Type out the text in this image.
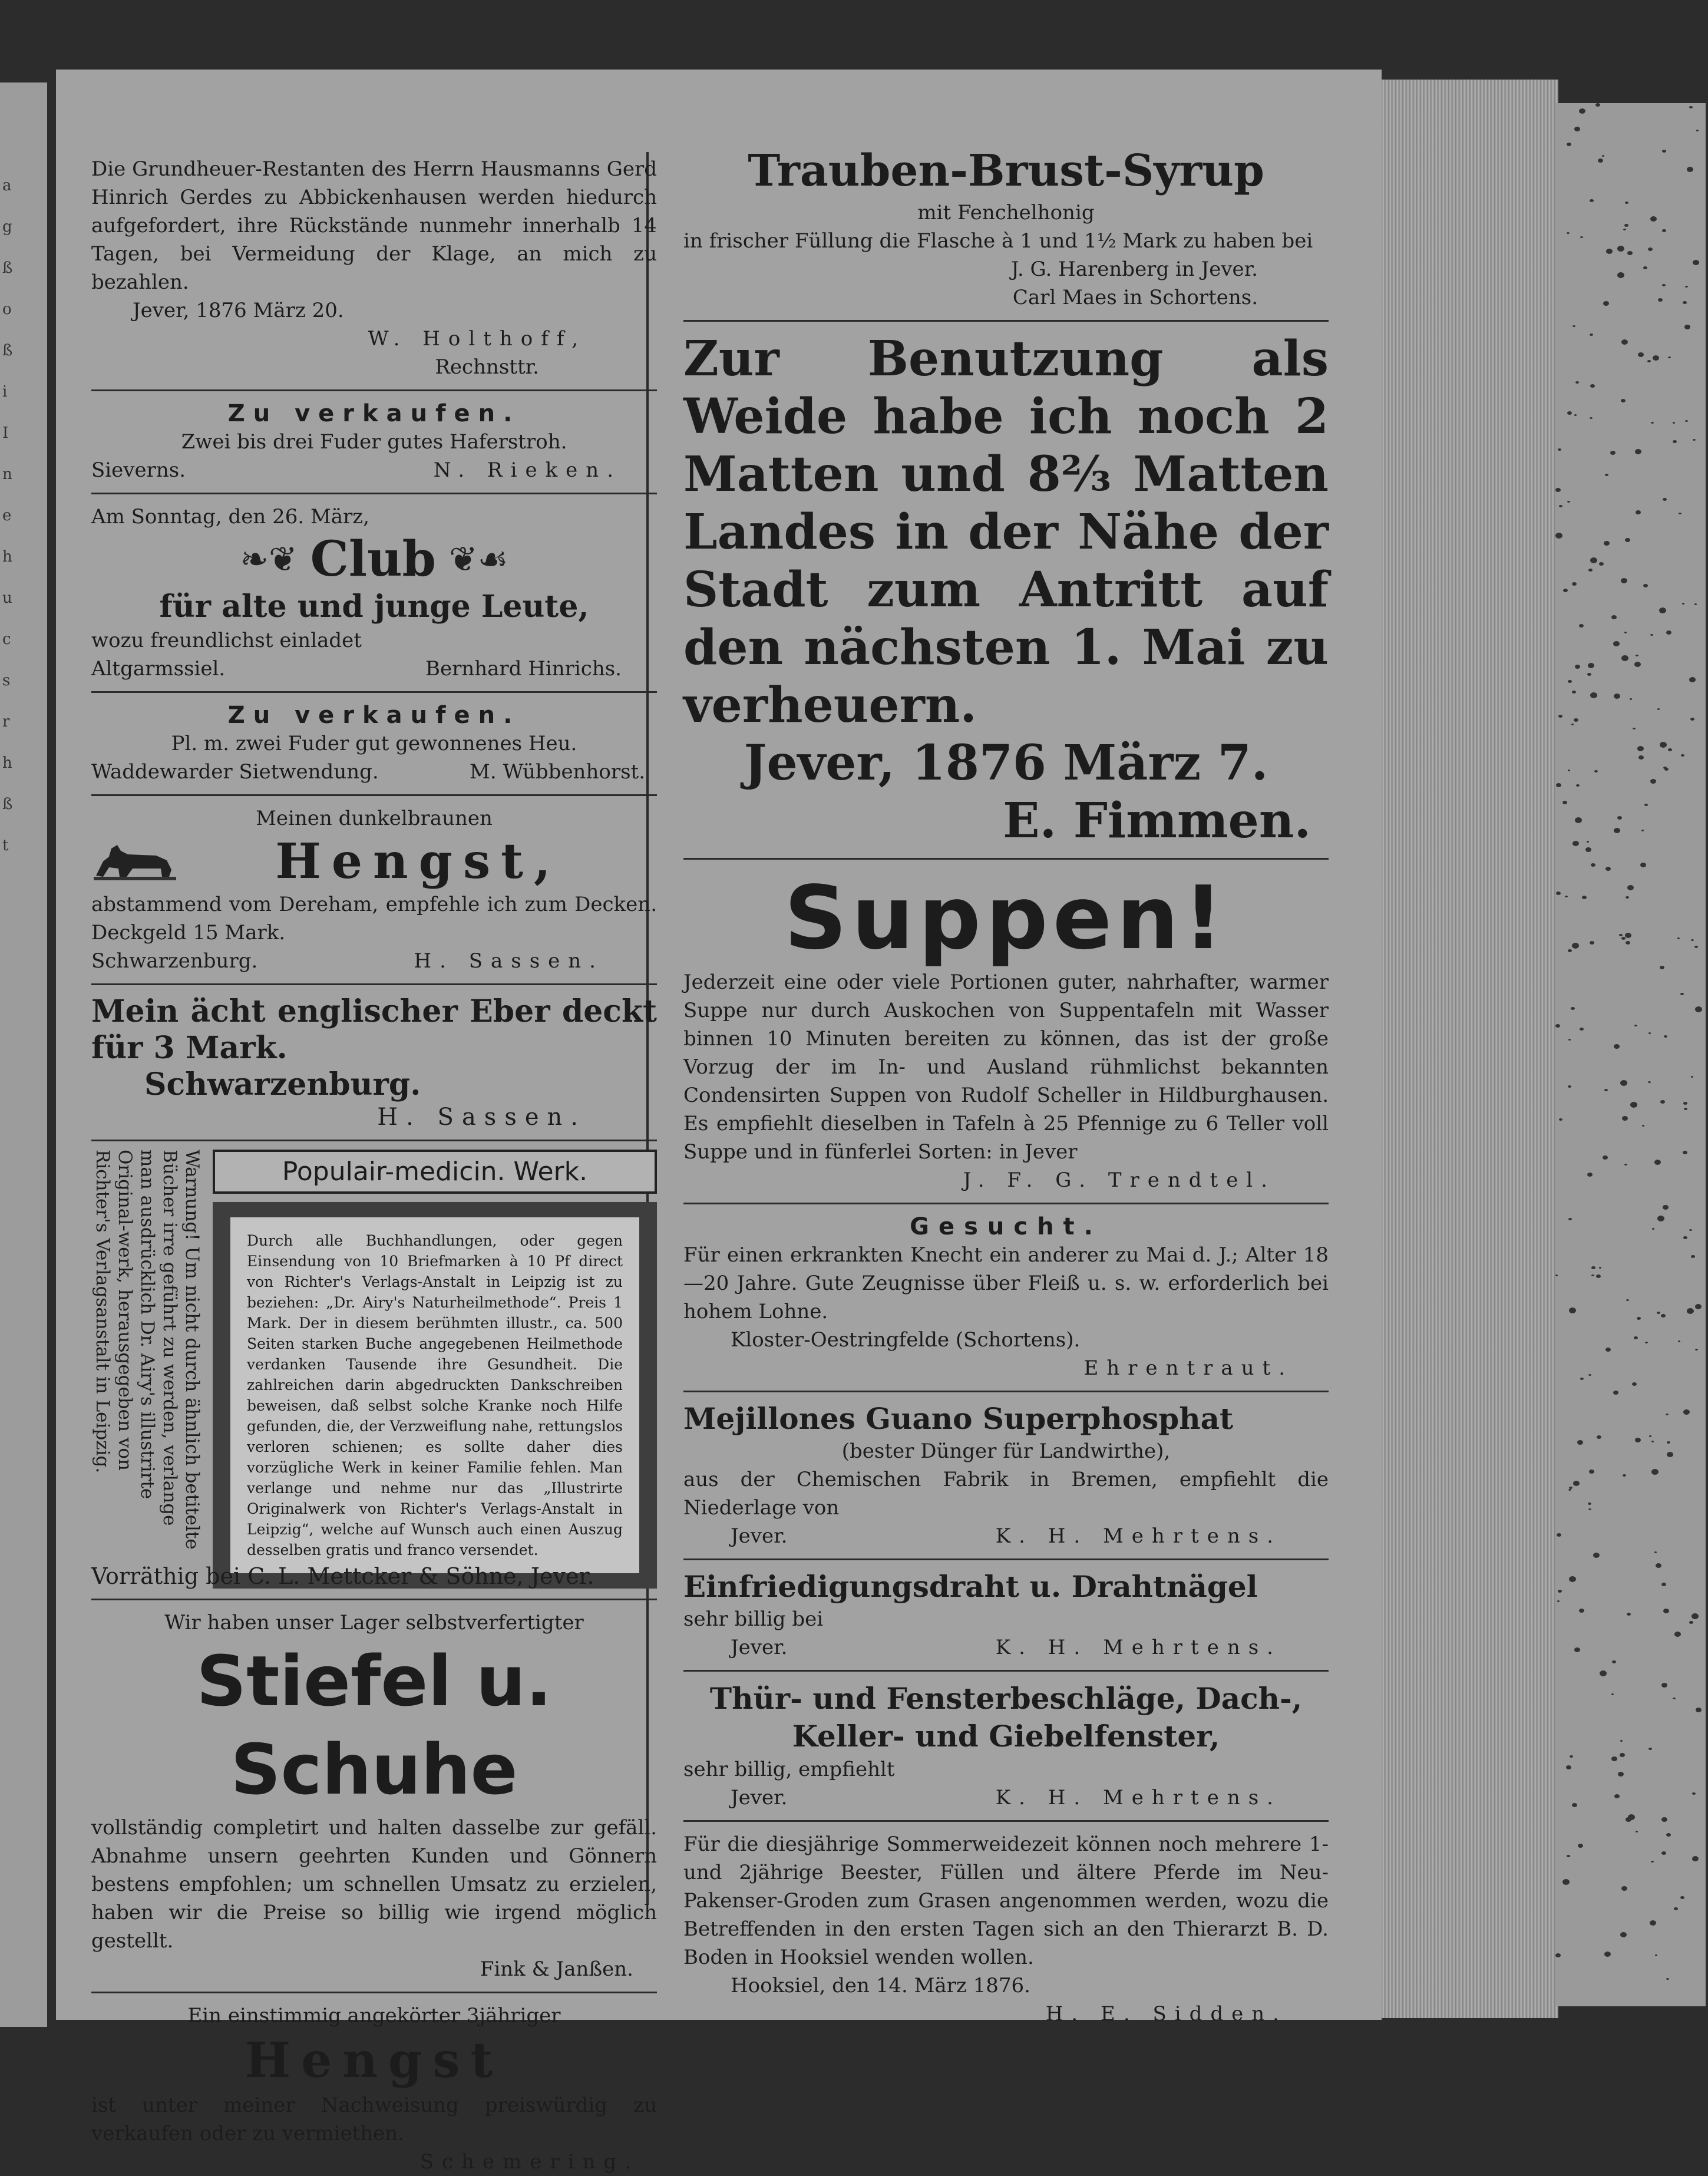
a
g
ß
o
ß
i
I
n
e
h
u
c
s
r
h
ß
t

Die Grundheuer-Restanten des Herrn Hausmanns Gerd Hinrich Gerdes zu Abbickenhausen werden hiedurch aufgefordert, ihre Rückstände nunmehr innerhalb 14 Tagen, bei Vermeidung der Klage, an mich zu bezahlen.

Jever, 1876 März 20.

W. Holthoff,

Rechnsttr.

Zu verkaufen.

Zwei bis drei Fuder gutes Haferstroh.

Sieverns.	N. Rieken.

Am Sonntag, den 26. März,

❧❦ Club ❦☙

für alte und junge Leute,

wozu freundlichst einladet

Altgarmssiel.	Bernhard Hinrichs.

Zu verkaufen.

Pl. m. zwei Fuder gut gewonnenes Heu.

Waddewarder Sietwendung.	M. Wübbenhorst.

Meinen dunkelbraunen

Hengst,

abstammend vom Dereham, empfehle ich zum Decken. Deckgeld 15 Mark.

Schwarzenburg.	H. Sassen.

Mein ächt englischer Eber deckt für 3 Mark.

Schwarzenburg.

H. Sassen.

Warnung! Um nicht durch ähnlich betitelte Bücher irre geführt zu werden, verlange man ausdrücklich Dr. Airy's illustrirte Original-werk, herausgegeben von Richter's Verlagsanstalt in Leipzig.	Populair-medicin. Werk.
Durch alle Buchhandlungen, oder gegen Einsendung von 10 Briefmarken à 10 Pf direct von Richter's Verlags-Anstalt in Leipzig ist zu beziehen: „Dr. Airy's Naturheilmethode“. Preis 1 Mark. Der in diesem berühmten illustr., ca. 500 Seiten starken Buche angegebenen Heilmethode verdanken Tausende ihre Gesundheit. Die zahlreichen darin abgedruckten Dankschreiben beweisen, daß selbst solche Kranke noch Hilfe gefunden, die, der Verzweiflung nahe, rettungslos verloren schienen; es sollte daher dies vorzügliche Werk in keiner Familie fehlen. Man verlange und nehme nur das „Illustrirte Originalwerk von Richter's Verlags-Anstalt in Leipzig“, welche auf Wunsch auch einen Auszug desselben gratis und franco versendet.

Vorräthig bei C. L. Mettcker & Söhne, Jever.

Wir haben unser Lager selbstverfertigter

Stiefel u. Schuhe

vollständig completirt und halten dasselbe zur gefäll. Abnahme unsern geehrten Kunden und Gönnern bestens empfohlen; um schnellen Umsatz zu erzielen, haben wir die Preise so billig wie irgend möglich gestellt.

Fink & Janßen.

Ein einstimmig angekörter 3jähriger

Hengst

ist unter meiner Nachweisung preiswürdig zu verkaufen oder zu vermiethen.

Schemering.

Trauben-Brust-Syrup

mit Fenchelhonig

in frischer Füllung die Flasche à 1 und 1½ Mark zu haben bei

J. G. Harenberg in Jever.

Carl Maes in Schortens.

Zur Benutzung als Weide habe ich noch 2 Matten und 8⅔ Matten Landes in der Nähe der Stadt zum Antritt auf den nächsten 1. Mai zu verheuern.

Jever, 1876 März 7.

E. Fimmen.

Suppen!

Jederzeit eine oder viele Portionen guter, nahrhafter, warmer Suppe nur durch Auskochen von Suppentafeln mit Wasser binnen 10 Minuten bereiten zu können, das ist der große Vorzug der im In- und Ausland rühmlichst bekannten Condensirten Suppen von Rudolf Scheller in Hildburghausen. Es empfiehlt dieselben in Tafeln à 25 Pfennige zu 6 Teller voll Suppe und in fünferlei Sorten: in Jever

J. F. G. Trendtel.

Gesucht.

Für einen erkrankten Knecht ein anderer zu Mai d. J.; Alter 18—20 Jahre. Gute Zeugnisse über Fleiß u. s. w. erforderlich bei hohem Lohne.

Kloster-Oestringfelde (Schortens).

Ehrentraut.

Mejillones Guano Superphosphat

(bester Dünger für Landwirthe),

aus der Chemischen Fabrik in Bremen, empfiehlt die Niederlage von

Jever.	K. H. Mehrtens.

Einfriedigungsdraht u. Drahtnägel

sehr billig bei

Jever.	K. H. Mehrtens.

Thür- und Fensterbeschläge, Dach-, Keller- und Giebelfenster,

sehr billig, empfiehlt

Jever.	K. H. Mehrtens.

Für die diesjährige Sommerweidezeit können noch mehrere 1- und 2jährige Beester, Füllen und ältere Pferde im Neu-Pakenser-Groden zum Grasen angenommen werden, wozu die Betreffenden in den ersten Tagen sich an den Thierarzt B. D. Boden in Hooksiel wenden wollen.

Hooksiel, den 14. März 1876.

H. E. Sidden.
